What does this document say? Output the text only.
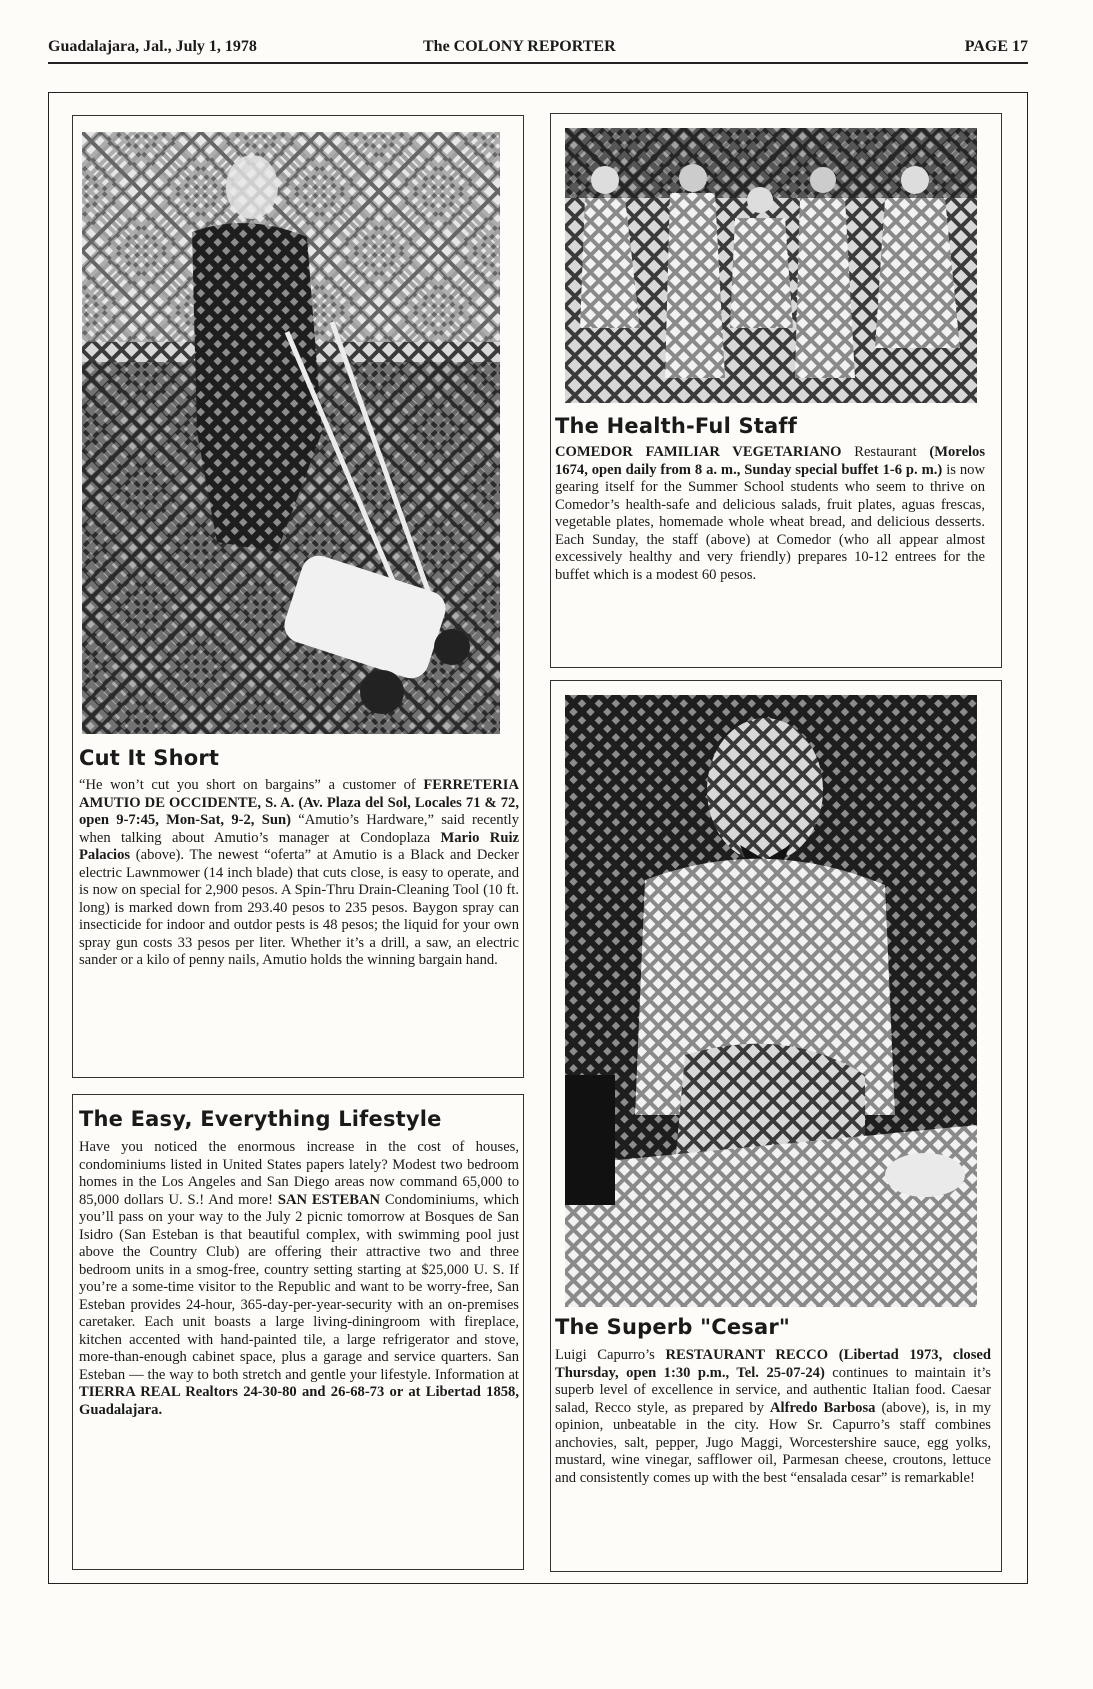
Guadalajara, Jal., July 1, 1978	The COLONY REPORTER	PAGE 17
Cut It Short
“He won’t cut you short on bargains” a customer of FERRETERIA AMUTIO DE OCCIDENTE, S. A. (Av. Plaza del Sol, Locales 71 & 72, open 9-7:45, Mon-Sat, 9-2, Sun) “Amutio’s Hardware,” said recently when talking about Amutio’s manager at Condoplaza Mario Ruiz Palacios (above). The newest “oferta” at Amutio is a Black and Decker electric Lawnmower (14 inch blade) that cuts close, is easy to operate, and is now on special for 2,900 pesos. A Spin-Thru Drain-Cleaning Tool (10 ft. long) is marked down from 293.40 pesos to 235 pesos. Baygon spray can insecticide for indoor and outdor pests is 48 pesos; the liquid for your own spray gun costs 33 pesos per liter. Whether it’s a drill, a saw, an electric sander or a kilo of penny nails, Amutio holds the winning bargain hand.
The Health-Ful Staff
COMEDOR FAMILIAR VEGETARIANO Restaurant (Morelos 1674, open daily from 8 a. m., Sunday special buffet 1-6 p. m.) is now gearing itself for the Summer School students who seem to thrive on Comedor’s health-safe and delicious salads, fruit plates, aguas frescas, vegetable plates, homemade whole wheat bread, and delicious desserts. Each Sunday, the staff (above) at Comedor (who all appear almost excessively healthy and very friendly) prepares 10-12 entrees for the buffet which is a modest 60 pesos.
The Easy, Everything Lifestyle
Have you noticed the enormous increase in the cost of houses, condominiums listed in United States papers lately? Modest two bedroom homes in the Los Angeles and San Diego areas now command 65,000 to 85,000 dollars U. S.! And more! SAN ESTEBAN Condominiums, which you’ll pass on your way to the July 2 picnic tomorrow at Bosques de San Isidro (San Esteban is that beautiful complex, with swimming pool just above the Country Club) are offering their attractive two and three bedroom units in a smog-free, country setting starting at $25,000 U. S. If you’re a some-time visitor to the Republic and want to be worry-free, San Esteban provides 24-hour, 365-day-per-year-security with an on-premises caretaker. Each unit boasts a large living-diningroom with fireplace, kitchen accented with hand-painted tile, a large refrigerator and stove, more-than-enough cabinet space, plus a garage and service quarters. San Esteban — the way to both stretch and gentle your lifestyle. Information at TIERRA REAL Realtors 24-30-80 and 26-68-73 or at Libertad 1858, Guadalajara.
The Superb "Cesar"
Luigi Capurro’s RESTAURANT RECCO (Libertad 1973, closed Thursday, open 1:30 p.m., Tel. 25-07-24) continues to maintain it’s superb level of excellence in service, and authentic Italian food. Caesar salad, Recco style, as prepared by Alfredo Barbosa (above), is, in my opinion, unbeatable in the city. How Sr. Capurro’s staff combines anchovies, salt, pepper, Jugo Maggi, Worcestershire sauce, egg yolks, mustard, wine vinegar, safflower oil, Parmesan cheese, croutons, lettuce and consistently comes up with the best “ensalada cesar” is remarkable!
